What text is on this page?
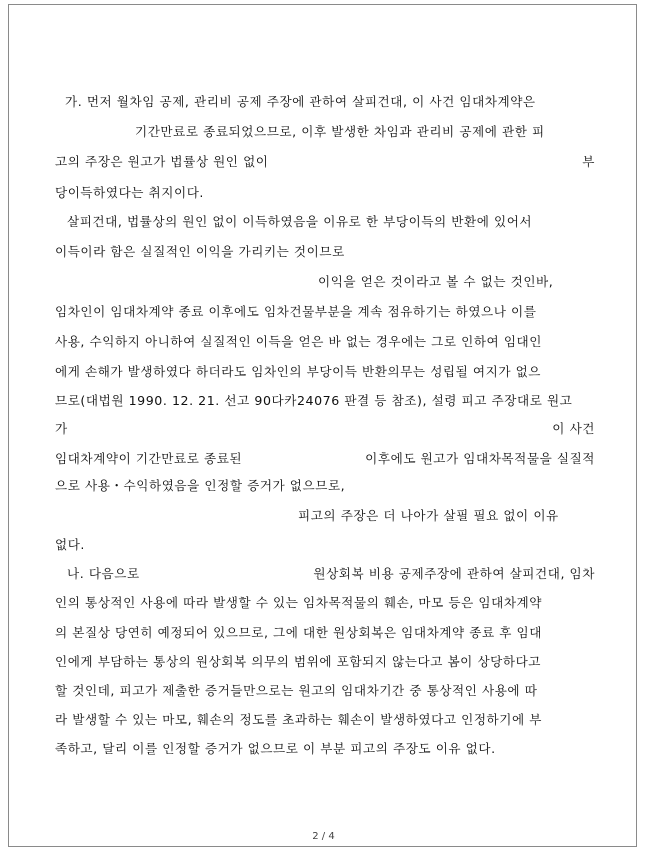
가. 먼저 월차임 공제, 관리비 공제 주장에 관하여 살피건대, 이 사건 임대차계약은
기간만료로 종료되었으므로, 이후 발생한 차임과 관리비 공제에 관한 피
고의 주장은 원고가 법률상 원인 없이	부
당이득하였다는 취지이다.
살피건대, 법률상의 원인 없이 이득하였음을 이유로 한 부당이득의 반환에 있어서
이득이라 함은 실질적인 이익을 가리키는 것이므로
이익을 얻은 것이라고 볼 수 없는 것인바,
임차인이 임대차계약 종료 이후에도 임차건물부분을 계속 점유하기는 하였으나 이를
사용, 수익하지 아니하여 실질적인 이득을 얻은 바 없는 경우에는 그로 인하여 임대인
에게 손해가 발생하였다 하더라도 임차인의 부당이득 반환의무는 성립될 여지가 없으
므로(대법원 1990. 12. 21. 선고 90다카24076 판결 등 참조), 설령 피고 주장대로 원고
가	이 사건
임대차계약이 기간만료로 종료된	이후에도 원고가 임대차목적물을 실질적
으로 사용・수익하였음을 인정할 증거가 없으므로,
피고의 주장은 더 나아가 살필 필요 없이 이유
없다.
나. 다음으로	원상회복 비용 공제주장에 관하여 살피건대, 임차
인의 통상적인 사용에 따라 발생할 수 있는 임차목적물의 훼손, 마모 등은 임대차계약
의 본질상 당연히 예정되어 있으므로, 그에 대한 원상회복은 임대차계약 종료 후 임대
인에게 부담하는 통상의 원상회복 의무의 범위에 포함되지 않는다고 봄이 상당하다고
할 것인데, 피고가 제출한 증거들만으로는 원고의 임대차기간 중 통상적인 사용에 따
라 발생할 수 있는 마모, 훼손의 정도를 초과하는 훼손이 발생하였다고 인정하기에 부
족하고, 달리 이를 인정할 증거가 없으므로 이 부분 피고의 주장도 이유 없다.
2 / 4
